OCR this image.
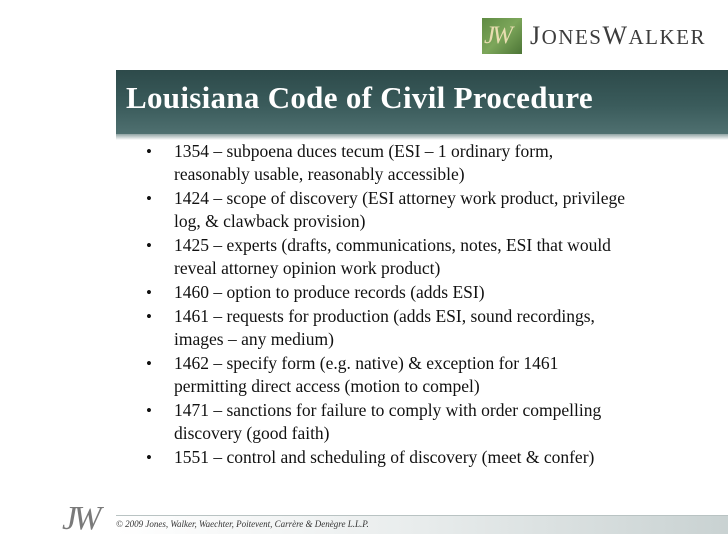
JW JONESWALKER
Louisiana Code of Civil Procedure
• 1354 – subpoena duces tecum (ESI – 1 ordinary form,
reasonably usable, reasonably accessible)
• 1424 – scope of discovery (ESI attorney work product, privilege
log, & clawback provision)
• 1425 – experts (drafts, communications, notes, ESI that would
reveal attorney opinion work product)
• 1460 – option to produce records (adds ESI)
• 1461 – requests for production (adds ESI, sound recordings,
images – any medium)
• 1462 – specify form (e.g. native) & exception for 1461
permitting direct access (motion to compel)
• 1471 – sanctions for failure to comply with order compelling
discovery (good faith)
• 1551 – control and scheduling of discovery (meet & confer)
JW © 2009 Jones, Walker, Waechter, Poitevent, Carrère & Denègre L.L.P.
